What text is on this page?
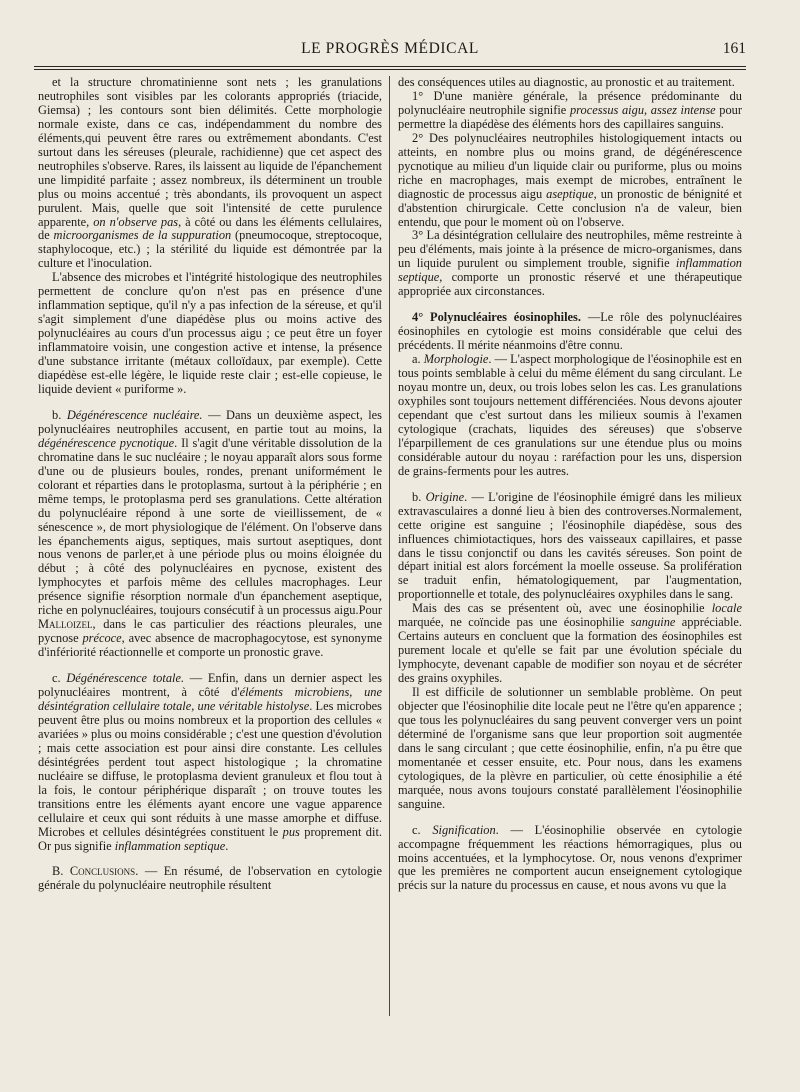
LE PROGRÈS MÉDICAL	161

et la structure chromatinienne sont nets ; les granulations neutrophiles sont visibles par les colorants appropriés (triacide, Giemsa) ; les contours sont bien délimités. Cette morphologie normale existe, dans ce cas, indépendamment du nombre des éléments,qui peuvent être rares ou extrêmement abondants. C'est surtout dans les séreuses (pleurale, rachidienne) que cet aspect des neutrophiles s'observe. Rares, ils laissent au liquide de l'épanchement une limpidité parfaite ; assez nombreux, ils déterminent un trouble plus ou moins accentué ; très abondants, ils provoquent un aspect purulent. Mais, quelle que soit l'intensité de cette purulence apparente, on n'observe pas, à côté ou dans les éléments cellulaires, de microorganismes de la suppuration (pneumocoque, streptocoque, staphylocoque, etc.) ; la stérilité du liquide est démontrée par la culture et l'inoculation.

L'absence des microbes et l'intégrité histologique des neutrophiles permettent de conclure qu'on n'est pas en présence d'une inflammation septique, qu'il n'y a pas infection de la séreuse, et qu'il s'agit simplement d'une diapédèse plus ou moins active des polynucléaires au cours d'un processus aigu ; ce peut être un foyer inflammatoire voisin, une congestion active et intense, la présence d'une substance irritante (métaux colloïdaux, par exemple). Cette diapédèse est-elle légère, le liquide reste clair ; est-elle copieuse, le liquide devient « puriforme ».

b. Dégénérescence nucléaire. — Dans un deuxième aspect, les polynucléaires neutrophiles accusent, en partie tout au moins, la dégénérescence pycnotique. Il s'agit d'une véritable dissolution de la chromatine dans le suc nucléaire ; le noyau apparaît alors sous forme d'une ou de plusieurs boules, rondes, prenant uniformément le colorant et réparties dans le protoplasma, surtout à la périphérie ; en même temps, le protoplasma perd ses granulations. Cette altération du polynucléaire répond à une sorte de vieillissement, de « sénescence », de mort physiologique de l'élément. On l'observe dans les épanchements aigus, septiques, mais surtout aseptiques, dont nous venons de parler,et à une période plus ou moins éloignée du début ; à côté des polynucléaires en pycnose, existent des lymphocytes et parfois même des cellules macrophages. Leur présence signifie résorption normale d'un épanchement aseptique, riche en polynucléaires, toujours consécutif à un processus aigu.Pour Malloizel, dans le cas particulier des réactions pleurales, une pycnose précoce, avec absence de macrophagocytose, est synonyme d'infériorité réactionnelle et comporte un pronostic grave.

c. Dégénérescence totale. — Enfin, dans un dernier aspect les polynucléaires montrent, à côté d'éléments microbiens, une désintégration cellulaire totale, une véritable histolyse. Les microbes peuvent être plus ou moins nombreux et la proportion des cellules « avariées » plus ou moins considérable ; c'est une question d'évolution ; mais cette association est pour ainsi dire constante. Les cellules désintégrées perdent tout aspect histologique ; la chromatine nucléaire se diffuse, le protoplasma devient granuleux et flou tout à la fois, le contour périphérique disparaît ; on trouve toutes les transitions entre les éléments ayant encore une vague apparence cellulaire et ceux qui sont réduits à une masse amorphe et diffuse. Microbes et cellules désintégrées constituent le pus proprement dit. Or pus signifie inflammation septique.

B. Conclusions. — En résumé, de l'observation en cytologie générale du polynucléaire neutrophile résultent

des conséquences utiles au diagnostic, au pronostic et au traitement.

1° D'une manière générale, la présence prédominante du polynucléaire neutrophile signifie processus aigu, assez intense pour permettre la diapédèse des éléments hors des capillaires sanguins.

2° Des polynucléaires neutrophiles histologiquement intacts ou atteints, en nombre plus ou moins grand, de dégénérescence pycnotique au milieu d'un liquide clair ou puriforme, plus ou moins riche en macrophages, mais exempt de microbes, entraînent le diagnostic de processus aigu aseptique, un pronostic de bénignité et d'abstention chirurgicale. Cette conclusion n'a de valeur, bien entendu, que pour le moment où on l'observe.

3° La désintégration cellulaire des neutrophiles, même restreinte à peu d'éléments, mais jointe à la présence de micro-organismes, dans un liquide purulent ou simplement trouble, signifie inflammation septique, comporte un pronostic réservé et une thérapeutique appropriée aux circonstances.

4° Polynucléaires éosinophiles. —Le rôle des polynucléaires éosinophiles en cytologie est moins considérable que celui des précédents. Il mérite néanmoins d'être connu.

a. Morphologie. — L'aspect morphologique de l'éosinophile est en tous points semblable à celui du même élément du sang circulant. Le noyau montre un, deux, ou trois lobes selon les cas. Les granulations oxyphiles sont toujours nettement différenciées. Nous devons ajouter cependant que c'est surtout dans les milieux soumis à l'examen cytologique (crachats, liquides des séreuses) que s'observe l'éparpillement de ces granulations sur une étendue plus ou moins considérable autour du noyau : raréfaction pour les uns, dispersion de grains-ferments pour les autres.

b. Origine. — L'origine de l'éosinophile émigré dans les milieux extravasculaires a donné lieu à bien des controverses.Normalement, cette origine est sanguine ; l'éosinophile diapédèse, sous des influences chimiotactiques, hors des vaisseaux capillaires, et passe dans le tissu conjonctif ou dans les cavités séreuses. Son point de départ initial est alors forcément la moelle osseuse. Sa prolifération se traduit enfin, hématologiquement, par l'augmentation, proportionnelle et totale, des polynucléaires oxyphiles dans le sang.

Mais des cas se présentent où, avec une éosinophilie locale marquée, ne coïncide pas une éosinophilie sanguine appréciable. Certains auteurs en concluent que la formation des éosinophiles est purement locale et qu'elle se fait par une évolution spéciale du lymphocyte, devenant capable de modifier son noyau et de sécréter des grains oxyphiles.

Il est difficile de solutionner un semblable problème. On peut objecter que l'éosinophilie dite locale peut ne l'être qu'en apparence ; que tous les polynucléaires du sang peuvent converger vers un point déterminé de l'organisme sans que leur proportion soit augmentée dans le sang circulant ; que cette éosinophilie, enfin, n'a pu être que momentanée et cesser ensuite, etc. Pour nous, dans les examens cytologiques, de la plèvre en particulier, où cette énosiphilie a été marquée, nous avons toujours constaté parallèlement l'éosinophilie sanguine.

c. Signification. — L'éosinophilie observée en cytologie accompagne fréquemment les réactions hémorragiques, plus ou moins accentuées, et la lymphocytose. Or, nous venons d'exprimer que les premières ne comportent aucun enseignement cytologique précis sur la nature du processus en cause, et nous avons vu que la
